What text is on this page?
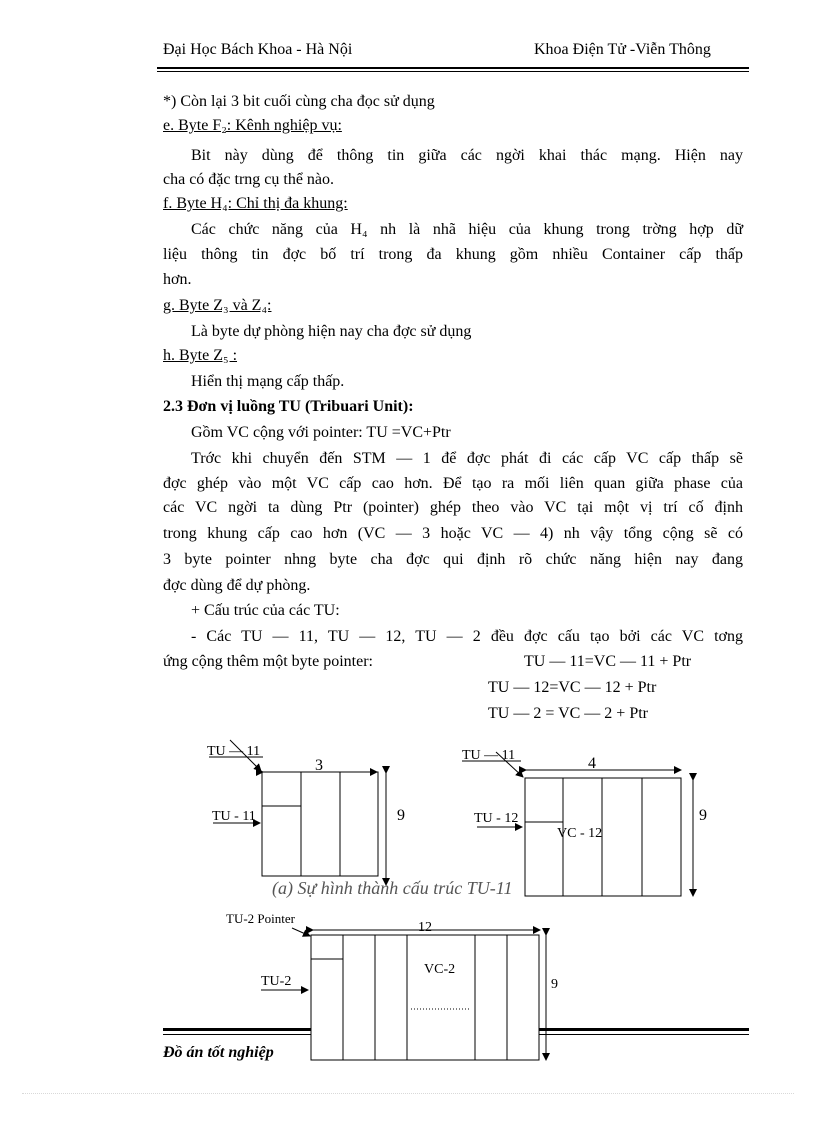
Đại Học Bách Khoa - Hà Nội	Khoa Điện Tử -Viễn Thông
*) Còn lại 3 bit cuối cùng cha đọc sử dụng
e. Byte F₂: Kênh nghiệp vụ:
Bit này dùng để thông tin giữa các ngời khai thác mạng. Hiện nay
cha có đặc trng cụ thể nào.
f. Byte H₄: Chỉ thị đa khung:
Các chức năng của H₄ nh là nhã hiệu của khung trong trờng hợp dữ
liệu thông tin đợc bố trí trong đa khung gồm nhiều Container cấp thấp
hơn.
g. Byte Z₃ và Z₄:
Là byte dự phòng hiện nay cha đợc sử dụng
h. Byte Z₅ :
Hiển thị mạng cấp thấp.
2.3 Đơn vị luồng TU (Tribuari Unit):
Gồm VC cộng với pointer: TU =VC+Ptr
Trớc khi chuyển đến STM — 1 để đợc phát đi các cấp VC cấp thấp sẽ
đợc ghép vào một VC cấp cao hơn. Để tạo ra mối liên quan giữa phase của
các VC ngời ta dùng Ptr (pointer) ghép theo vào VC tại một vị trí cố định
trong khung cấp cao hơn (VC — 3 hoặc VC — 4) nh vậy tổng cộng sẽ có
3 byte pointer nhng byte cha đợc qui định rõ chức năng hiện nay đang
đợc dùng để dự phòng.
+ Cấu trúc của các TU:
- Các TU — 11, TU — 12, TU — 2 đều đợc cấu tạo bởi các VC tơng
ứng cộng thêm một byte pointer:	TU — 11=VC — 11 + Ptr
TU — 12=VC — 12 + Ptr
TU — 2 = VC — 2 + Ptr
TU — 11
3
9
TU - 11
TU — 11	4
9
TU - 12
VC - 12
(a) Sự hình thành cấu trúc TU-11
TU-2 Pointer
12
9
TU-2
VC-2
Đồ án tốt nghiệp
